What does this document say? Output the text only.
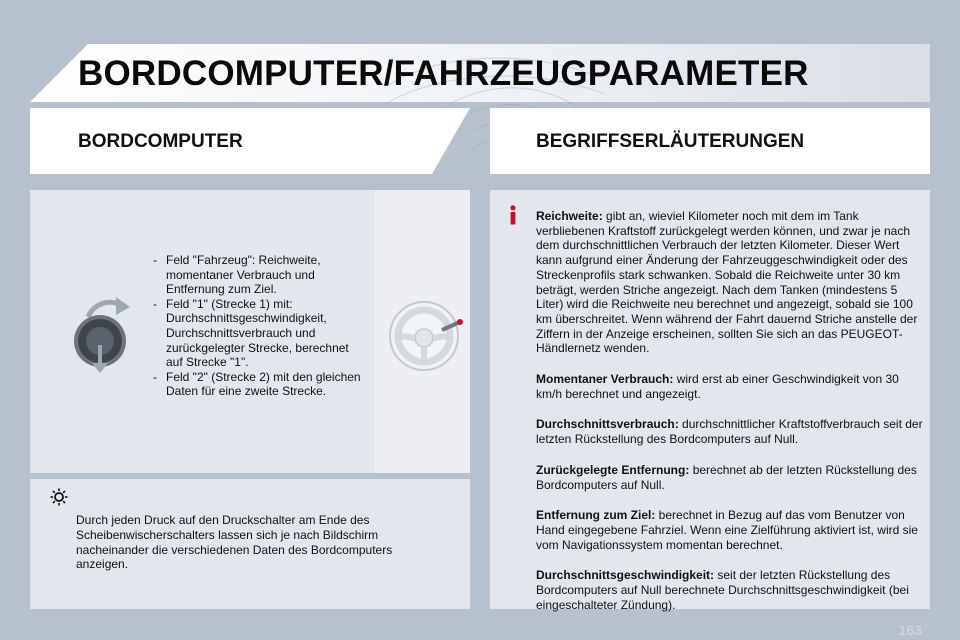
BORDCOMPUTER/FAHRZEUGPARAMETER
BORDCOMPUTER	BEGRIFFSERLÄUTERUNGEN
- Feld "Fahrzeug": Reichweite, momentaner Verbrauch und Entfernung zum Ziel.
- Feld "1" (Strecke 1) mit: Durchschnittsgeschwindigkeit, Durchschnittsverbrauch und zurückgelegter Strecke, berechnet auf Strecke "1".
- Feld "2" (Strecke 2) mit den gleichen Daten für eine zweite Strecke.

Durch jeden Druck auf den Druckschalter am Ende des Scheibenwischerschalters lassen sich je nach Bildschirm nacheinander die verschiedenen Daten des Bordcomputers anzeigen.

Reichweite: gibt an, wieviel Kilometer noch mit dem im Tank verbliebenen Kraftstoff zurückgelegt werden können, und zwar je nach dem durchschnittlichen Verbrauch der letzten Kilometer. Dieser Wert kann aufgrund einer Änderung der Fahrzeuggeschwindigkeit oder des Streckenprofils stark schwanken. Sobald die Reichweite unter 30 km beträgt, werden Striche angezeigt. Nach dem Tanken (mindestens 5 Liter) wird die Reichweite neu berechnet und angezeigt, sobald sie 100 km überschreitet. Wenn während der Fahrt dauernd Striche anstelle der Ziffern in der Anzeige erscheinen, sollten Sie sich an das PEUGEOT-Händlernetz wenden.

Momentaner Verbrauch: wird erst ab einer Geschwindigkeit von 30 km/h berechnet und angezeigt.

Durchschnittsverbrauch: durchschnittlicher Kraftstoffverbrauch seit der letzten Rückstellung des Bordcomputers auf Null.

Zurückgelegte Entfernung: berechnet ab der letzten Rückstellung des Bordcomputers auf Null.

Entfernung zum Ziel: berechnet in Bezug auf das vom Benutzer von Hand eingegebene Fahrziel. Wenn eine Zielführung aktiviert ist, wird sie vom Navigationssystem momentan berechnet.

Durchschnittsgeschwindigkeit: seit der letzten Rückstellung des Bordcomputers auf Null berechnete Durchschnittsgeschwindigkeit (bei eingeschalteter Zündung).

163
